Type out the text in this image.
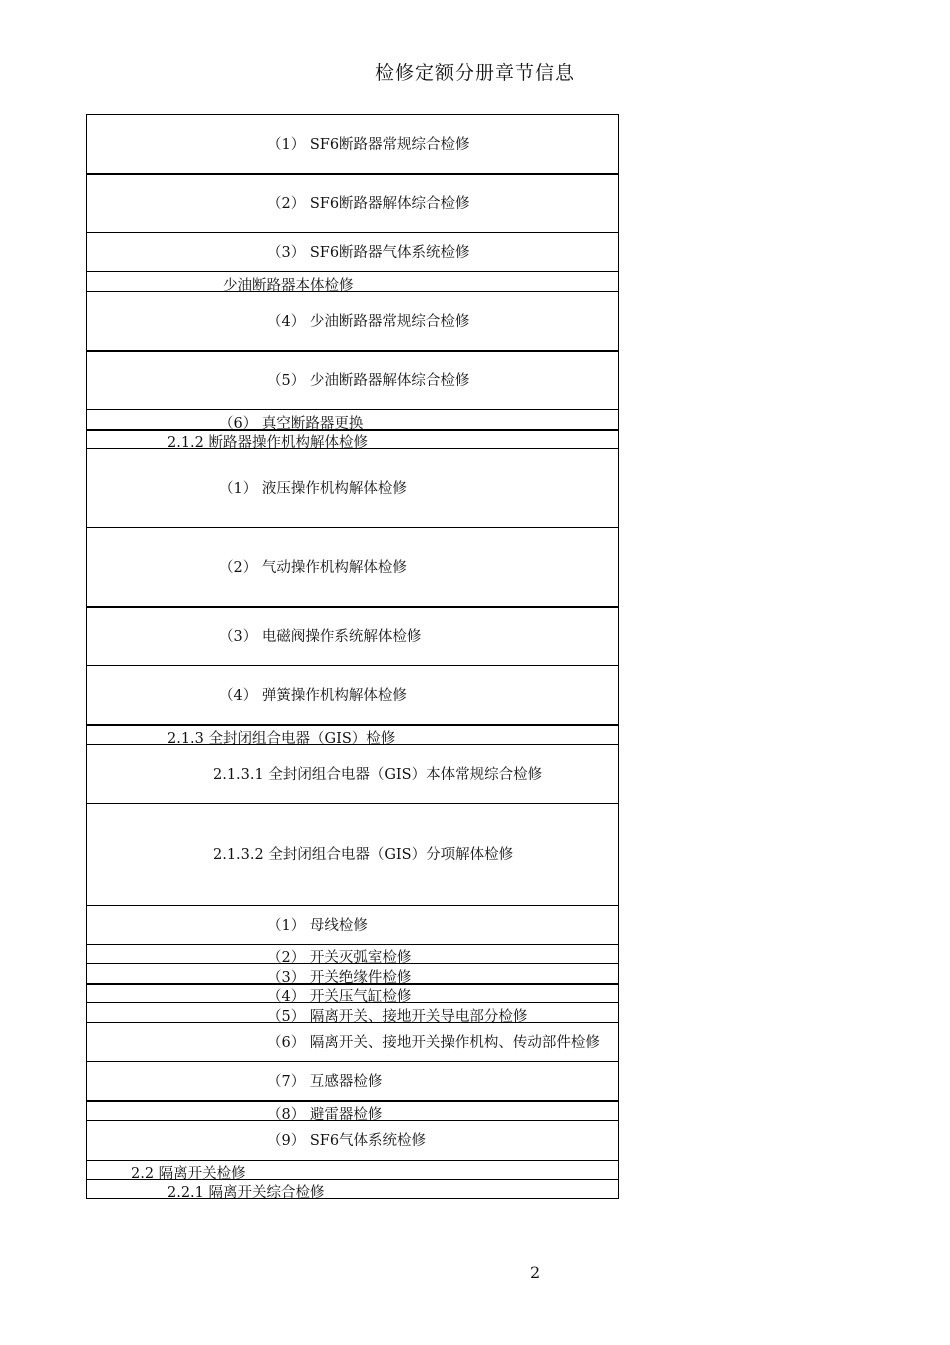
检修定额分册章节信息
（1） SF6断路器常规综合检修
（2） SF6断路器解体综合检修
（3） SF6断路器气体系统检修
少油断路器本体检修
（4） 少油断路器常规综合检修
（5） 少油断路器解体综合检修
（6） 真空断路器更换
2.1.2 断路器操作机构解体检修
（1） 液压操作机构解体检修
（2） 气动操作机构解体检修
（3） 电磁阀操作系统解体检修
（4） 弹簧操作机构解体检修
2.1.3 全封闭组合电器（GIS）检修
2.1.3.1 全封闭组合电器（GIS）本体常规综合检修
2.1.3.2 全封闭组合电器（GIS）分项解体检修
（1） 母线检修
（2） 开关灭弧室检修
（3） 开关绝缘件检修
（4） 开关压气缸检修
（5） 隔离开关、接地开关导电部分检修
（6） 隔离开关、接地开关操作机构、传动部件检修
（7） 互感器检修
（8） 避雷器检修
（9） SF6气体系统检修
2.2 隔离开关检修
2.2.1 隔离开关综合检修
2
